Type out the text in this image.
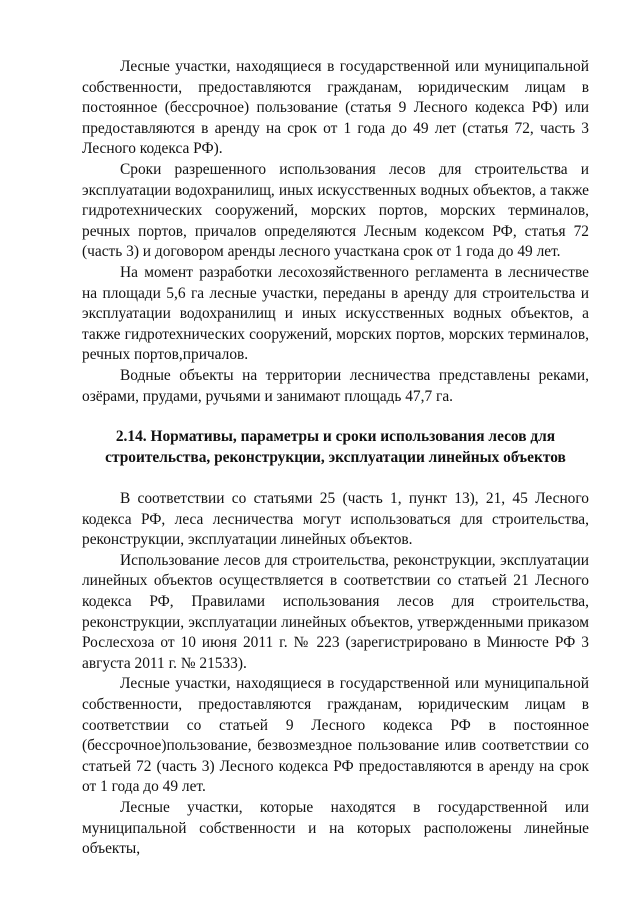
Лесные участки, находящиеся в государственной или муниципальной собственности, предоставляются гражданам, юридическим лицам в постоянное (бессрочное) пользование (статья 9 Лесного кодекса РФ) или предоставляются в аренду на срок от 1 года до 49 лет (статья 72, часть 3 Лесного кодекса РФ).

Сроки разрешенного использования лесов для строительства и эксплуатации водохранилищ, иных искусственных водных объектов, а также гидротехнических сооружений, морских портов, морских терминалов, речных портов, причалов определяются Лесным кодексом РФ, статья 72 (часть 3) и договором аренды лесного участкана срок от 1 года до 49 лет.

На момент разработки лесохозяйственного регламента в лесничестве на площади 5,6 га лесные участки, переданы в аренду для строительства и эксплуатации водохранилищ и иных искусственных водных объектов, а также гидротехнических сооружений, морских портов, морских терминалов, речных портов,причалов.

Водные объекты на территории лесничества представлены реками, озёрами, прудами, ручьями и занимают площадь 47,7 га.

2.14. Нормативы, параметры и сроки использования лесов для строительства, реконструкции, эксплуатации линейных объектов

В соответствии со статьями 25 (часть 1, пункт 13), 21, 45 Лесного кодекса РФ, леса лесничества могут использоваться для строительства, реконструкции, эксплуатации линейных объектов.

Использование лесов для строительства, реконструкции, эксплуатации линейных объектов осуществляется в соответствии со статьей 21 Лесного кодекса РФ, Правилами использования лесов для строительства, реконструкции, эксплуатации линейных объектов, утвержденными приказом Рослесхоза от 10 июня 2011 г. № 223 (зарегистрировано в Минюсте РФ 3 августа 2011 г. № 21533).

Лесные участки, находящиеся в государственной или муниципальной собственности, предоставляются гражданам, юридическим лицам в соответствии со статьей 9 Лесного кодекса РФ в постоянное (бессрочное)пользование, безвозмездное пользование илив соответствии со статьей 72 (часть 3) Лесного кодекса РФ предоставляются в аренду на срок от 1 года до 49 лет.

Лесные участки, которые находятся в государственной или муниципальной собственности и на которых расположены линейные объекты,
